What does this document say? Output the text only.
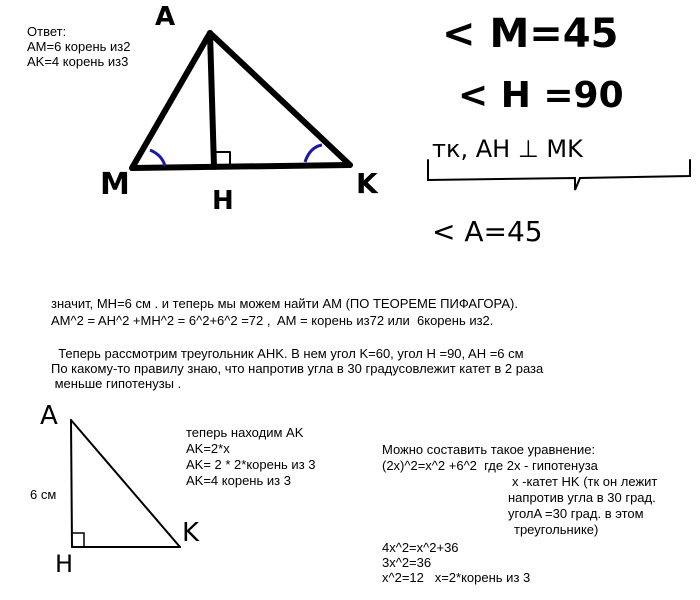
Ответ:
AM=6 корень из2
AK=4 корень из3
A
M	H
K
< M=45
< H =90
тк, AH ⊥ MK
< A=45
значит, MH=6 см . и теперь мы можем найти AM (ПО ТЕОРЕМЕ ПИФАГОРА).
AM^2 = AH^2 +MH^2 = 6^2+6^2 =72 ,  AM = корень из72 или  6корень из2.
Теперь рассмотрим треугольник AHK. В нем угол K=60, угол H =90, AH =6 см
По какому-то правилу знаю, что напротив угла в 30 градусовлежит катет в 2 раза
меньше гипотенузы .
A
H
K
6 см
теперь находим AK
AK=2*x
AK= 2 * 2*корень из 3
AK=4 корень из 3
Можно составить такое уравнение:
(2x)^2=x^2 +6^2  где 2x - гипотенуза
x -катет HK (тк он лежит
напротив угла в 30 град.
уголA =30 град. в этом
треугольнике)
4x^2=x^2+36
3x^2=36
x^2=12   x=2*корень из 3
